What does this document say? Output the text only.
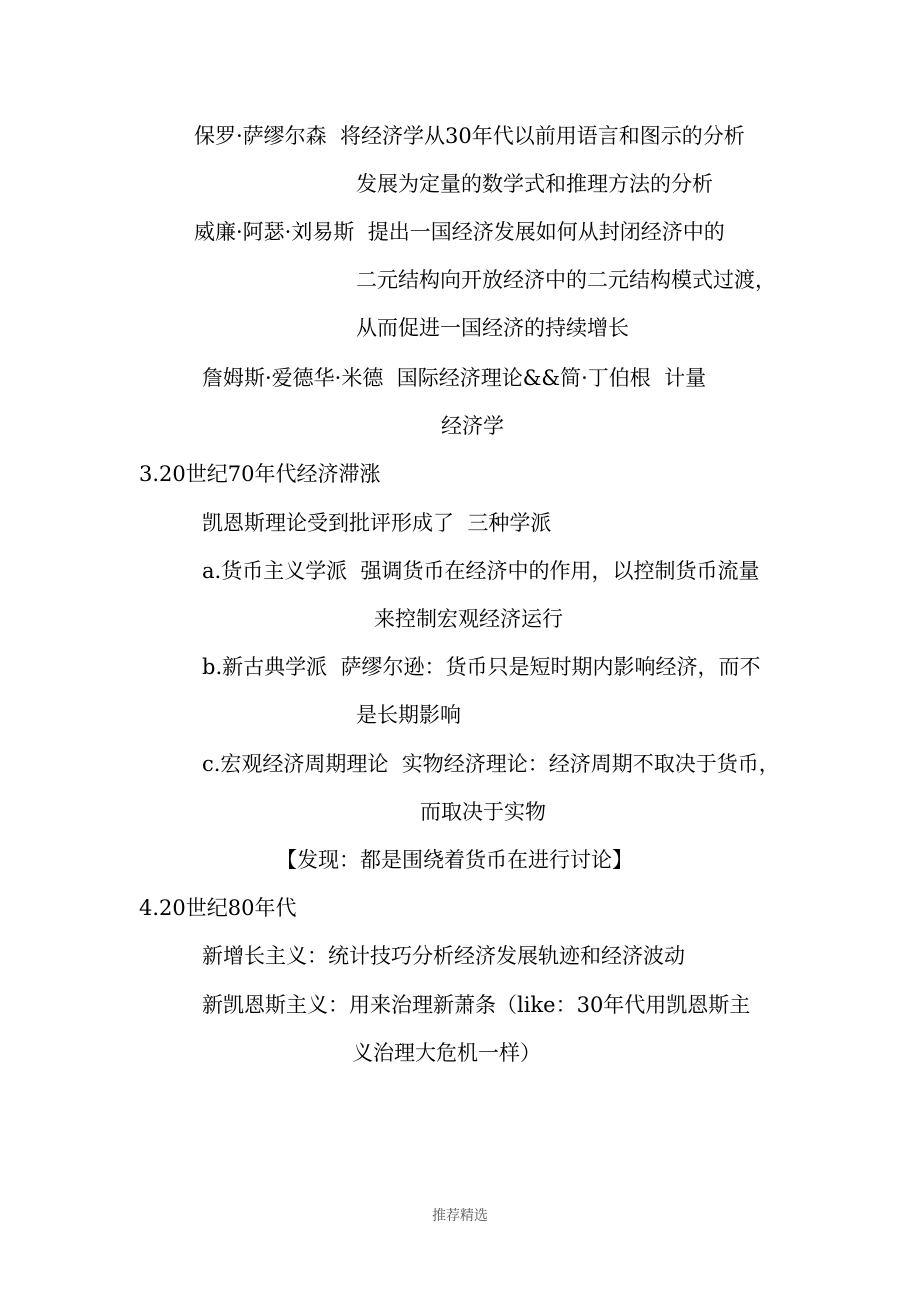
保罗·萨缪尔森  将经济学从30年代以前用语言和图示的分析

发展为定量的数学式和推理方法的分析

威廉·阿瑟·刘易斯  提出一国经济发展如何从封闭经济中的

二元结构向开放经济中的二元结构模式过渡，

从而促进一国经济的持续增长

詹姆斯·爱德华·米德  国际经济理论&&简·丁伯根  计量

经济学

3.20世纪70年代经济滞涨

凯恩斯理论受到批评形成了  三种学派

a.货币主义学派  强调货币在经济中的作用，以控制货币流量

来控制宏观经济运行

b.新古典学派  萨缪尔逊：货币只是短时期内影响经济，而不

是长期影响

c.宏观经济周期理论  实物经济理论：经济周期不取决于货币，

而取决于实物

【发现：都是围绕着货币在进行讨论】

4.20世纪80年代

新增长主义：统计技巧分析经济发展轨迹和经济波动

新凯恩斯主义：用来治理新萧条（like：30年代用凯恩斯主

义治理大危机一样）

推荐精选
